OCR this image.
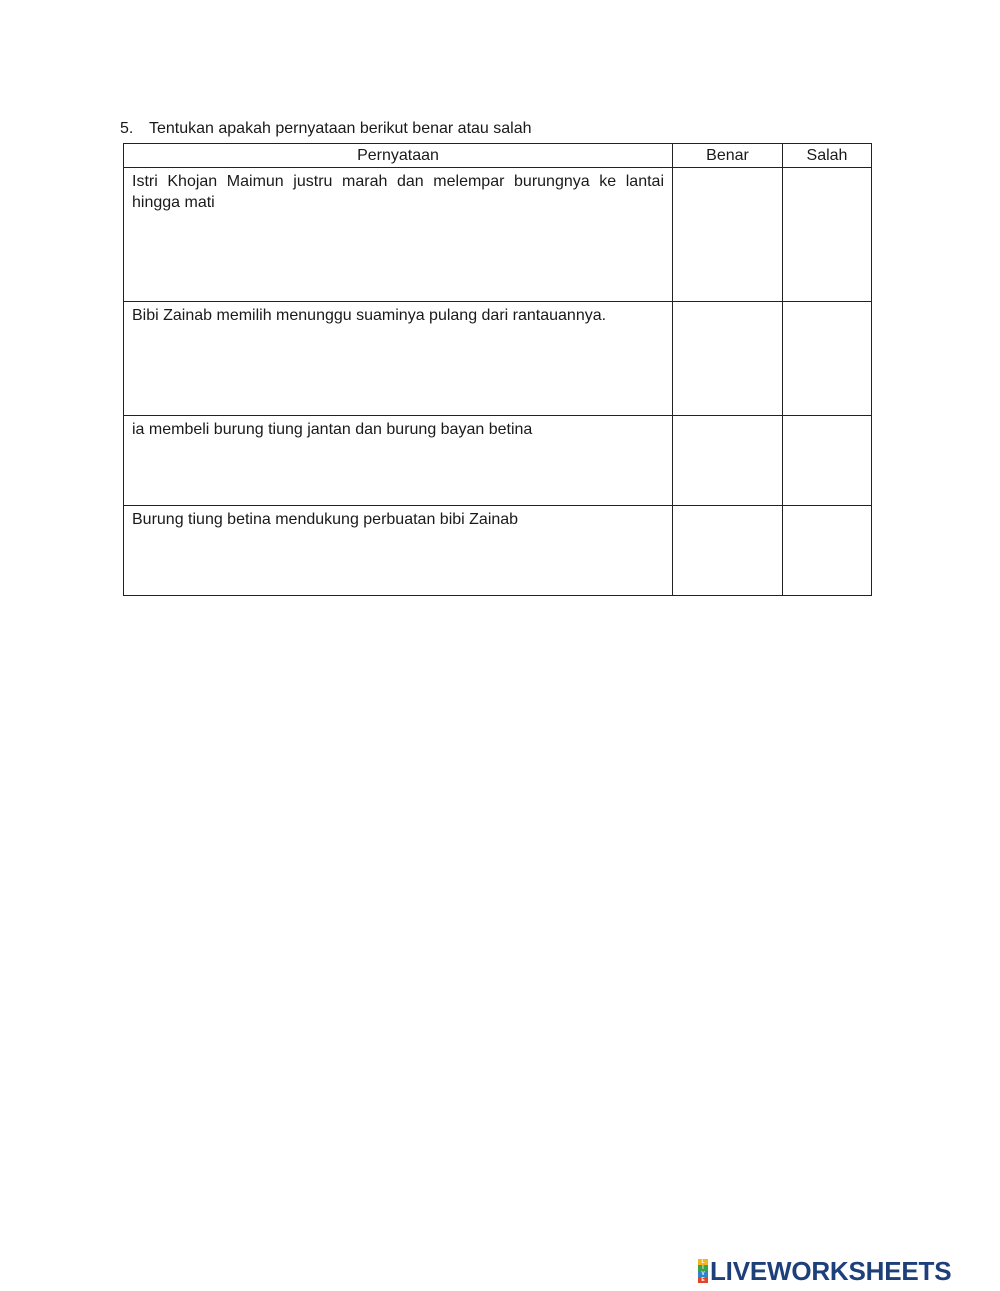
5. Tentukan apakah pernyataan berikut benar atau salah
Pernyataan	Benar	Salah
Istri Khojan Maimun justru marah dan melempar burungnya ke lantai hingga mati		
Bibi Zainab memilih menunggu suaminya pulang dari rantauannya.		
ia membeli burung tiung jantan dan burung bayan betina		
Burung tiung betina mendukung perbuatan bibi Zainab		
L
I
V
E LIVEWORKSHEETS
